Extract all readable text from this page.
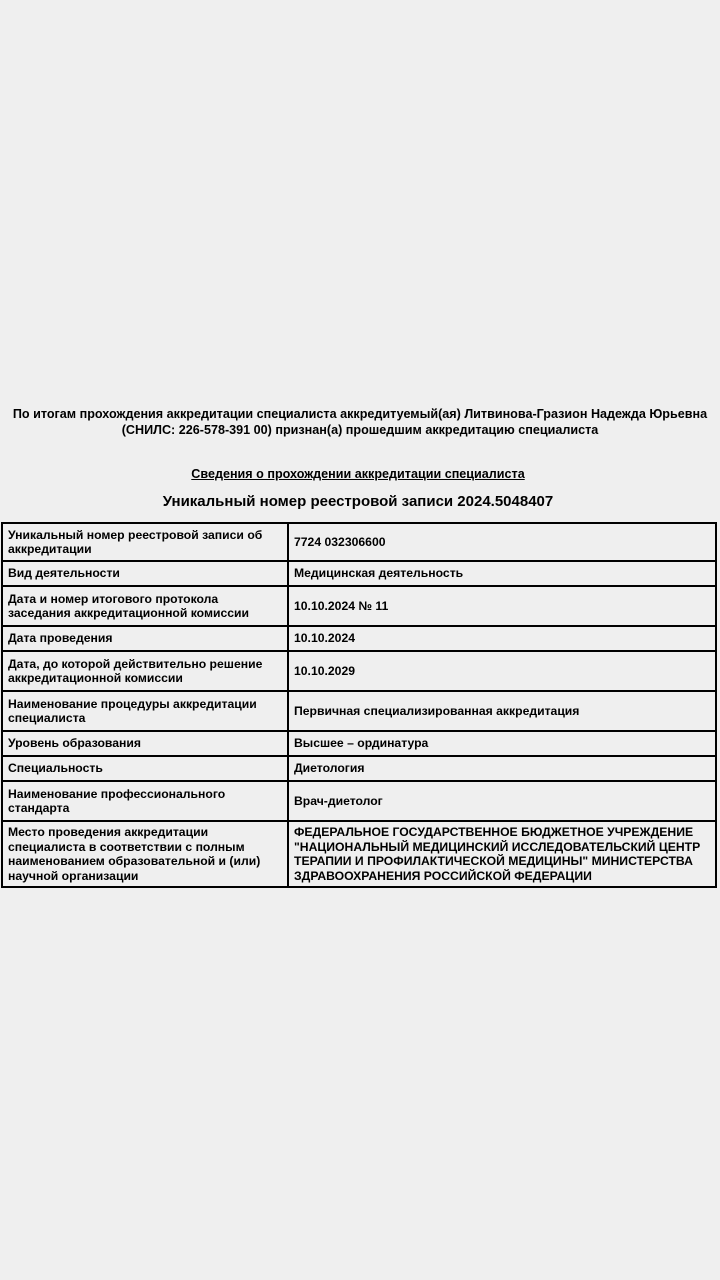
По итогам прохождения аккредитации специалиста аккредитуемый(ая) Литвинова-Гразион Надежда Юрьевна (СНИЛС: 226-578-391 00) признан(а) прошедшим аккредитацию специалиста
Сведения о прохождении аккредитации специалиста
Уникальный номер реестровой записи 2024.5048407
Уникальный номер реестровой записи об аккредитации	7724 032306600
Вид деятельности	Медицинская деятельность
Дата и номер итогового протокола заседания аккредитационной комиссии	10.10.2024 № 11
Дата проведения	10.10.2024
Дата, до которой действительно решение аккредитационной комиссии	10.10.2029
Наименование процедуры аккредитации специалиста	Первичная специализированная аккредитация
Уровень образования	Высшее – ординатура
Специальность	Диетология
Наименование профессионального стандарта	Врач-диетолог
Место проведения аккредитации специалиста в соответствии с полным наименованием образовательной и (или) научной организации	ФЕДЕРАЛЬНОЕ ГОСУДАРСТВЕННОЕ БЮДЖЕТНОЕ УЧРЕЖДЕНИЕ "НАЦИОНАЛЬНЫЙ МЕДИЦИНСКИЙ ИССЛЕДОВАТЕЛЬСКИЙ ЦЕНТР ТЕРАПИИ И ПРОФИЛАКТИЧЕСКОЙ МЕДИЦИНЫ" МИНИСТЕРСТВА ЗДРАВООХРАНЕНИЯ РОССИЙСКОЙ ФЕДЕРАЦИИ
